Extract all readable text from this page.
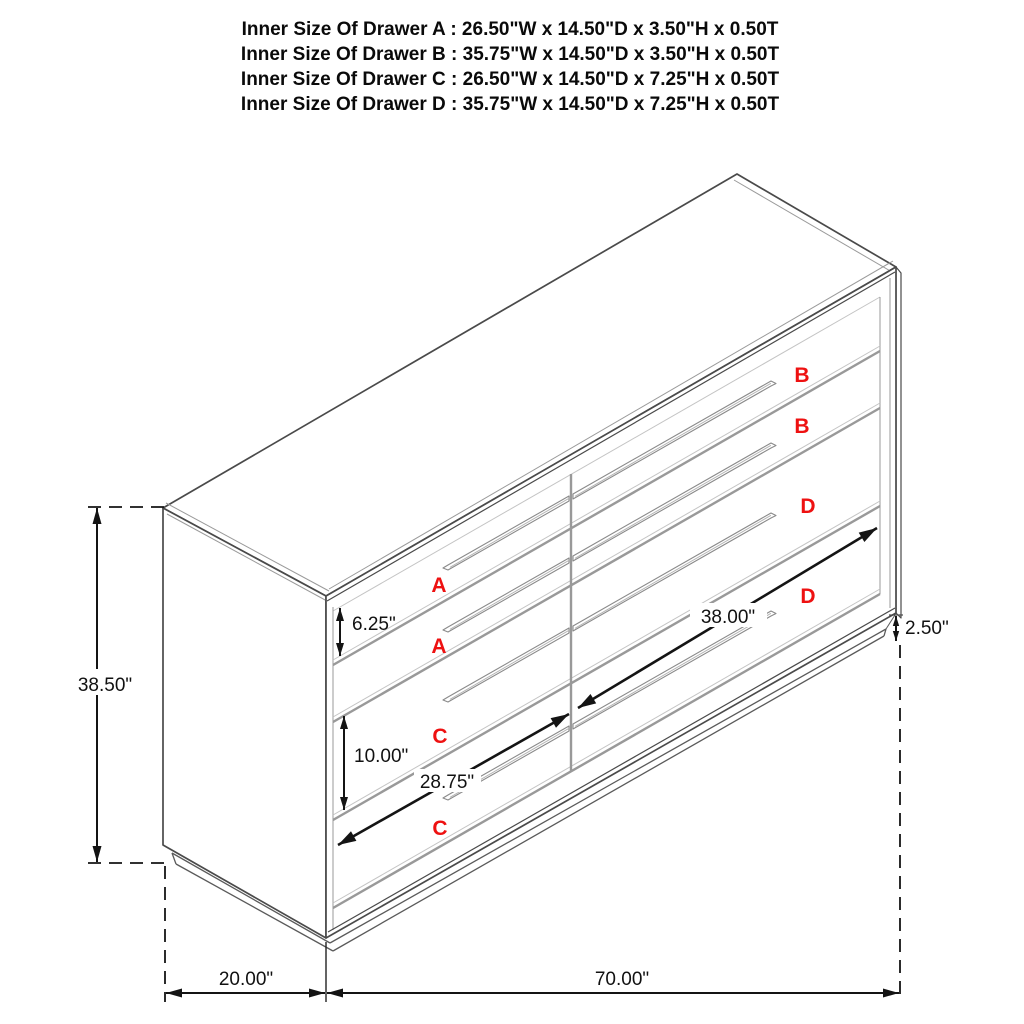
Inner Size Of Drawer A : 26.50"W x 14.50"D x 3.50"H x 0.50T
Inner Size Of Drawer B : 35.75"W x 14.50"D x 3.50"H x 0.50T
Inner Size Of Drawer C : 26.50"W x 14.50"D x 7.25"H x 0.50T
Inner Size Of Drawer D : 35.75"W x 14.50"D x 7.25"H x 0.50T
A
A
B
B
C
C
D
D
38.50"
6.25"
10.00"
28.75"
38.00"
2.50"
20.00"	70.00"
